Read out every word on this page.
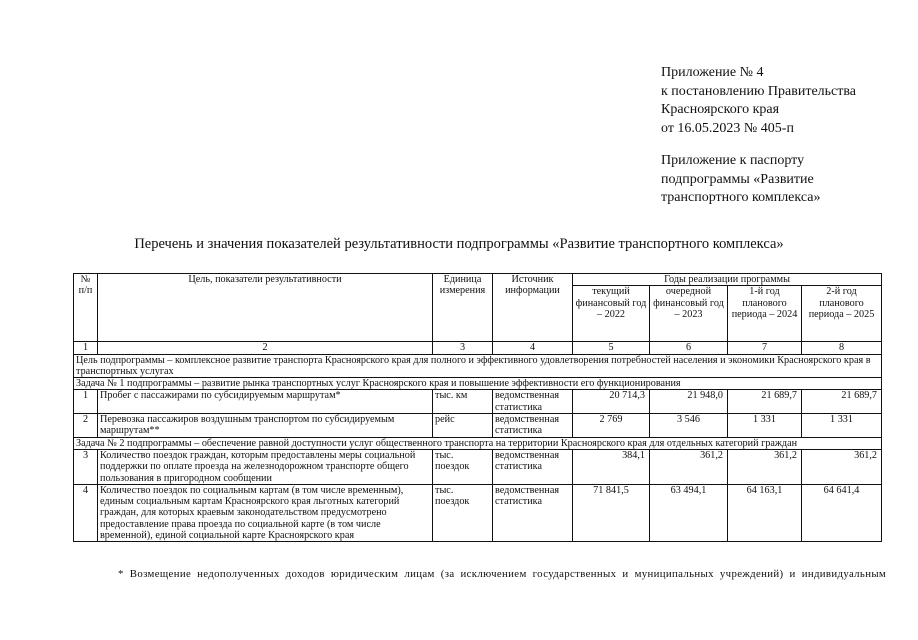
Приложение № 4
к постановлению Правительства
Красноярского края
от 16.05.2023 № 405-п
Приложение к паспорту
подпрограммы «Развитие
транспортного комплекса»
Перечень и значения показателей результативности подпрограммы «Развитие транспортного комплекса»
№ п/п	Цель, показатели результативности	Единица измерения	Источник информации	Годы реализации программы			
				текущий финансовый год – 2022	очередной финансовый год – 2023	1-й год планового периода – 2024	2-й год планового периода – 2025
1	2	3	4	5	6	7	8
Цель подпрограммы – комплексное развитие транспорта Красноярского края для полного и эффективного удовлетворения потребностей населения и экономики Красноярского края в транспортных услугах							
Задача № 1 подпрограммы – развитие рынка транспортных услуг Красноярского края и повышение эффективности его функционирования							
1	Пробег с пассажирами по субсидируемым маршрутам*	тыс. км	ведомственная статистика	20 714,3	21 948,0	21 689,7	21 689,7
2	Перевозка пассажиров воздушным транспортом по субсидируемым маршрутам**	рейс	ведомственная статистика	2 769	3 546	1 331	1 331
Задача № 2 подпрограммы – обеспечение равной доступности услуг общественного транспорта на территории Красноярского края для отдельных категорий граждан							
3	Количество поездок граждан, которым предоставлены меры социальной поддержки по оплате проезда на железнодорожном транспорте общего пользования в пригородном сообщении	тыс. поездок	ведомственная статистика	384,1	361,2	361,2	361,2
4	Количество поездок по социальным картам (в том числе временным), единым социальным картам Красноярского края льготных категорий граждан, для которых краевым законодательством предусмотрено предоставление права проезда по социальной карте (в том числе временной), единой социальной карте Красноярского края	тыс. поездок	ведомственная статистика	71 841,5	63 494,1	64 163,1	64 641,4
* Возмещение недополученных доходов юридическим лицам (за исключением государственных и муниципальных учреждений) и индивидуальным
